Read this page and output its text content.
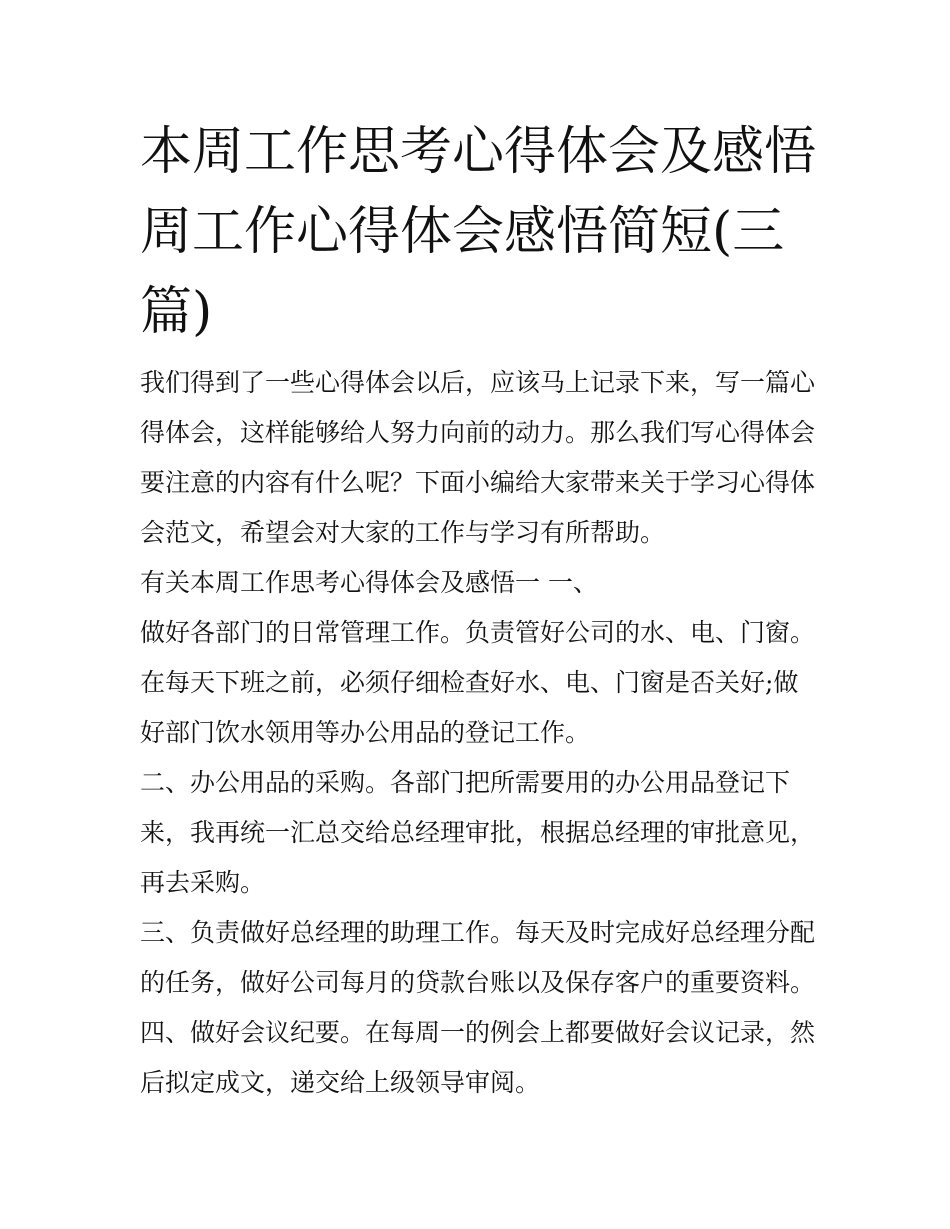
本周工作思考心得体会及感悟周工作心得体会感悟简短(三篇)

我们得到了一些心得体会以后，应该马上记录下来，写一篇心得体会，这样能够给人努力向前的动力。那么我们写心得体会要注意的内容有什么呢？下面小编给大家带来关于学习心得体会范文，希望会对大家的工作与学习有所帮助。

有关本周工作思考心得体会及感悟一 一、

做好各部门的日常管理工作。负责管好公司的水、电、门窗。在每天下班之前，必须仔细检查好水、电、门窗是否关好;做好部门饮水领用等办公用品的登记工作。

二、办公用品的采购。各部门把所需要用的办公用品登记下来，我再统一汇总交给总经理审批，根据总经理的审批意见，再去采购。

三、负责做好总经理的助理工作。每天及时完成好总经理分配的任务，做好公司每月的贷款台账以及保存客户的重要资料。

四、做好会议纪要。在每周一的例会上都要做好会议记录，然后拟定成文，递交给上级领导审阅。
